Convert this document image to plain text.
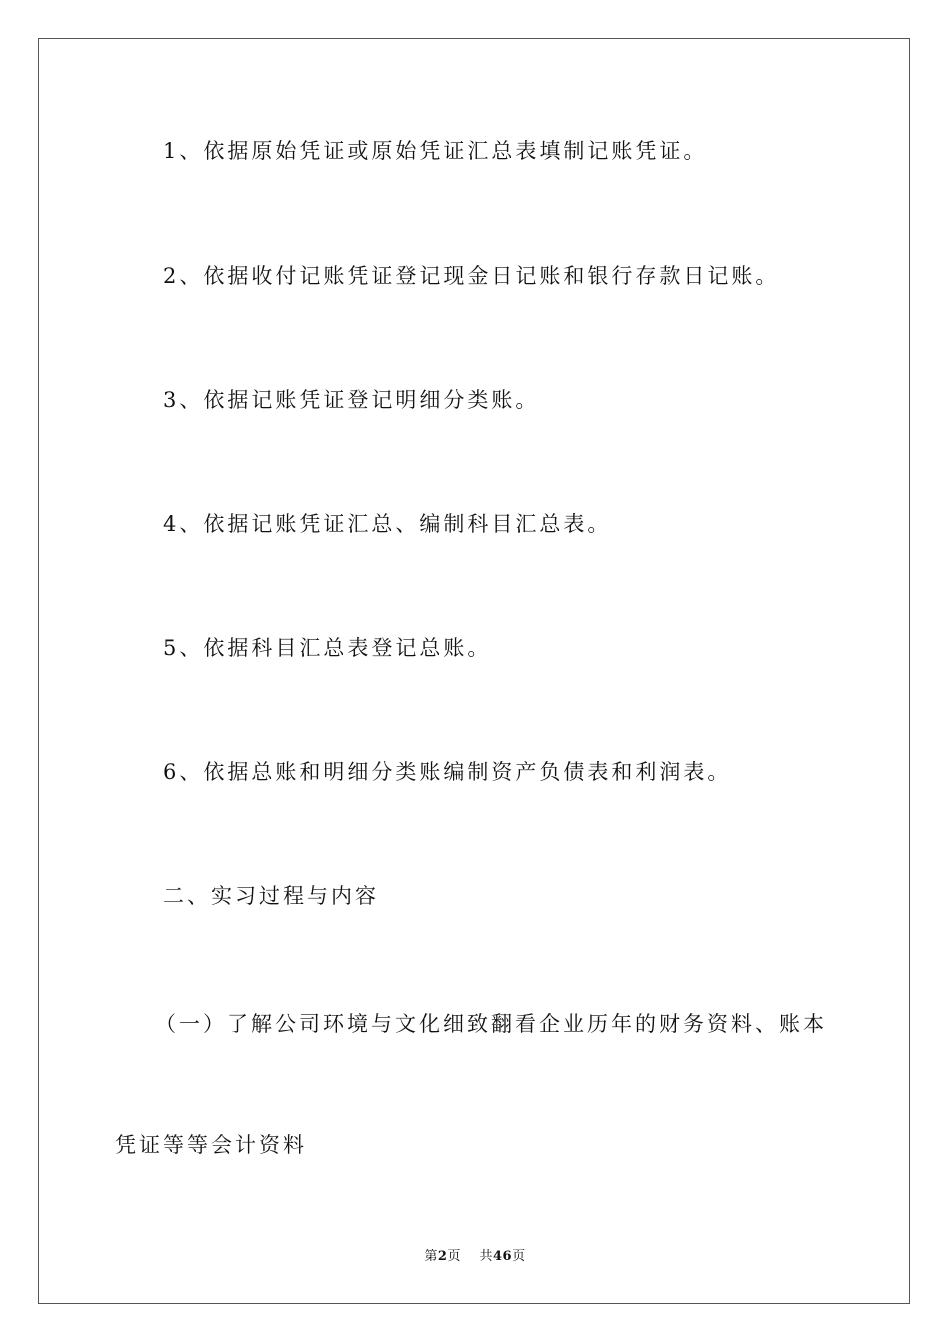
1、依据原始凭证或原始凭证汇总表填制记账凭证。
2、依据收付记账凭证登记现金日记账和银行存款日记账。
3、依据记账凭证登记明细分类账。
4、依据记账凭证汇总、编制科目汇总表。
5、依据科目汇总表登记总账。
6、依据总账和明细分类账编制资产负债表和利润表。
二、实习过程与内容
（一）了解公司环境与文化细致翻看企业历年的财务资料、账本
凭证等等会计资料
第2页 共46页
